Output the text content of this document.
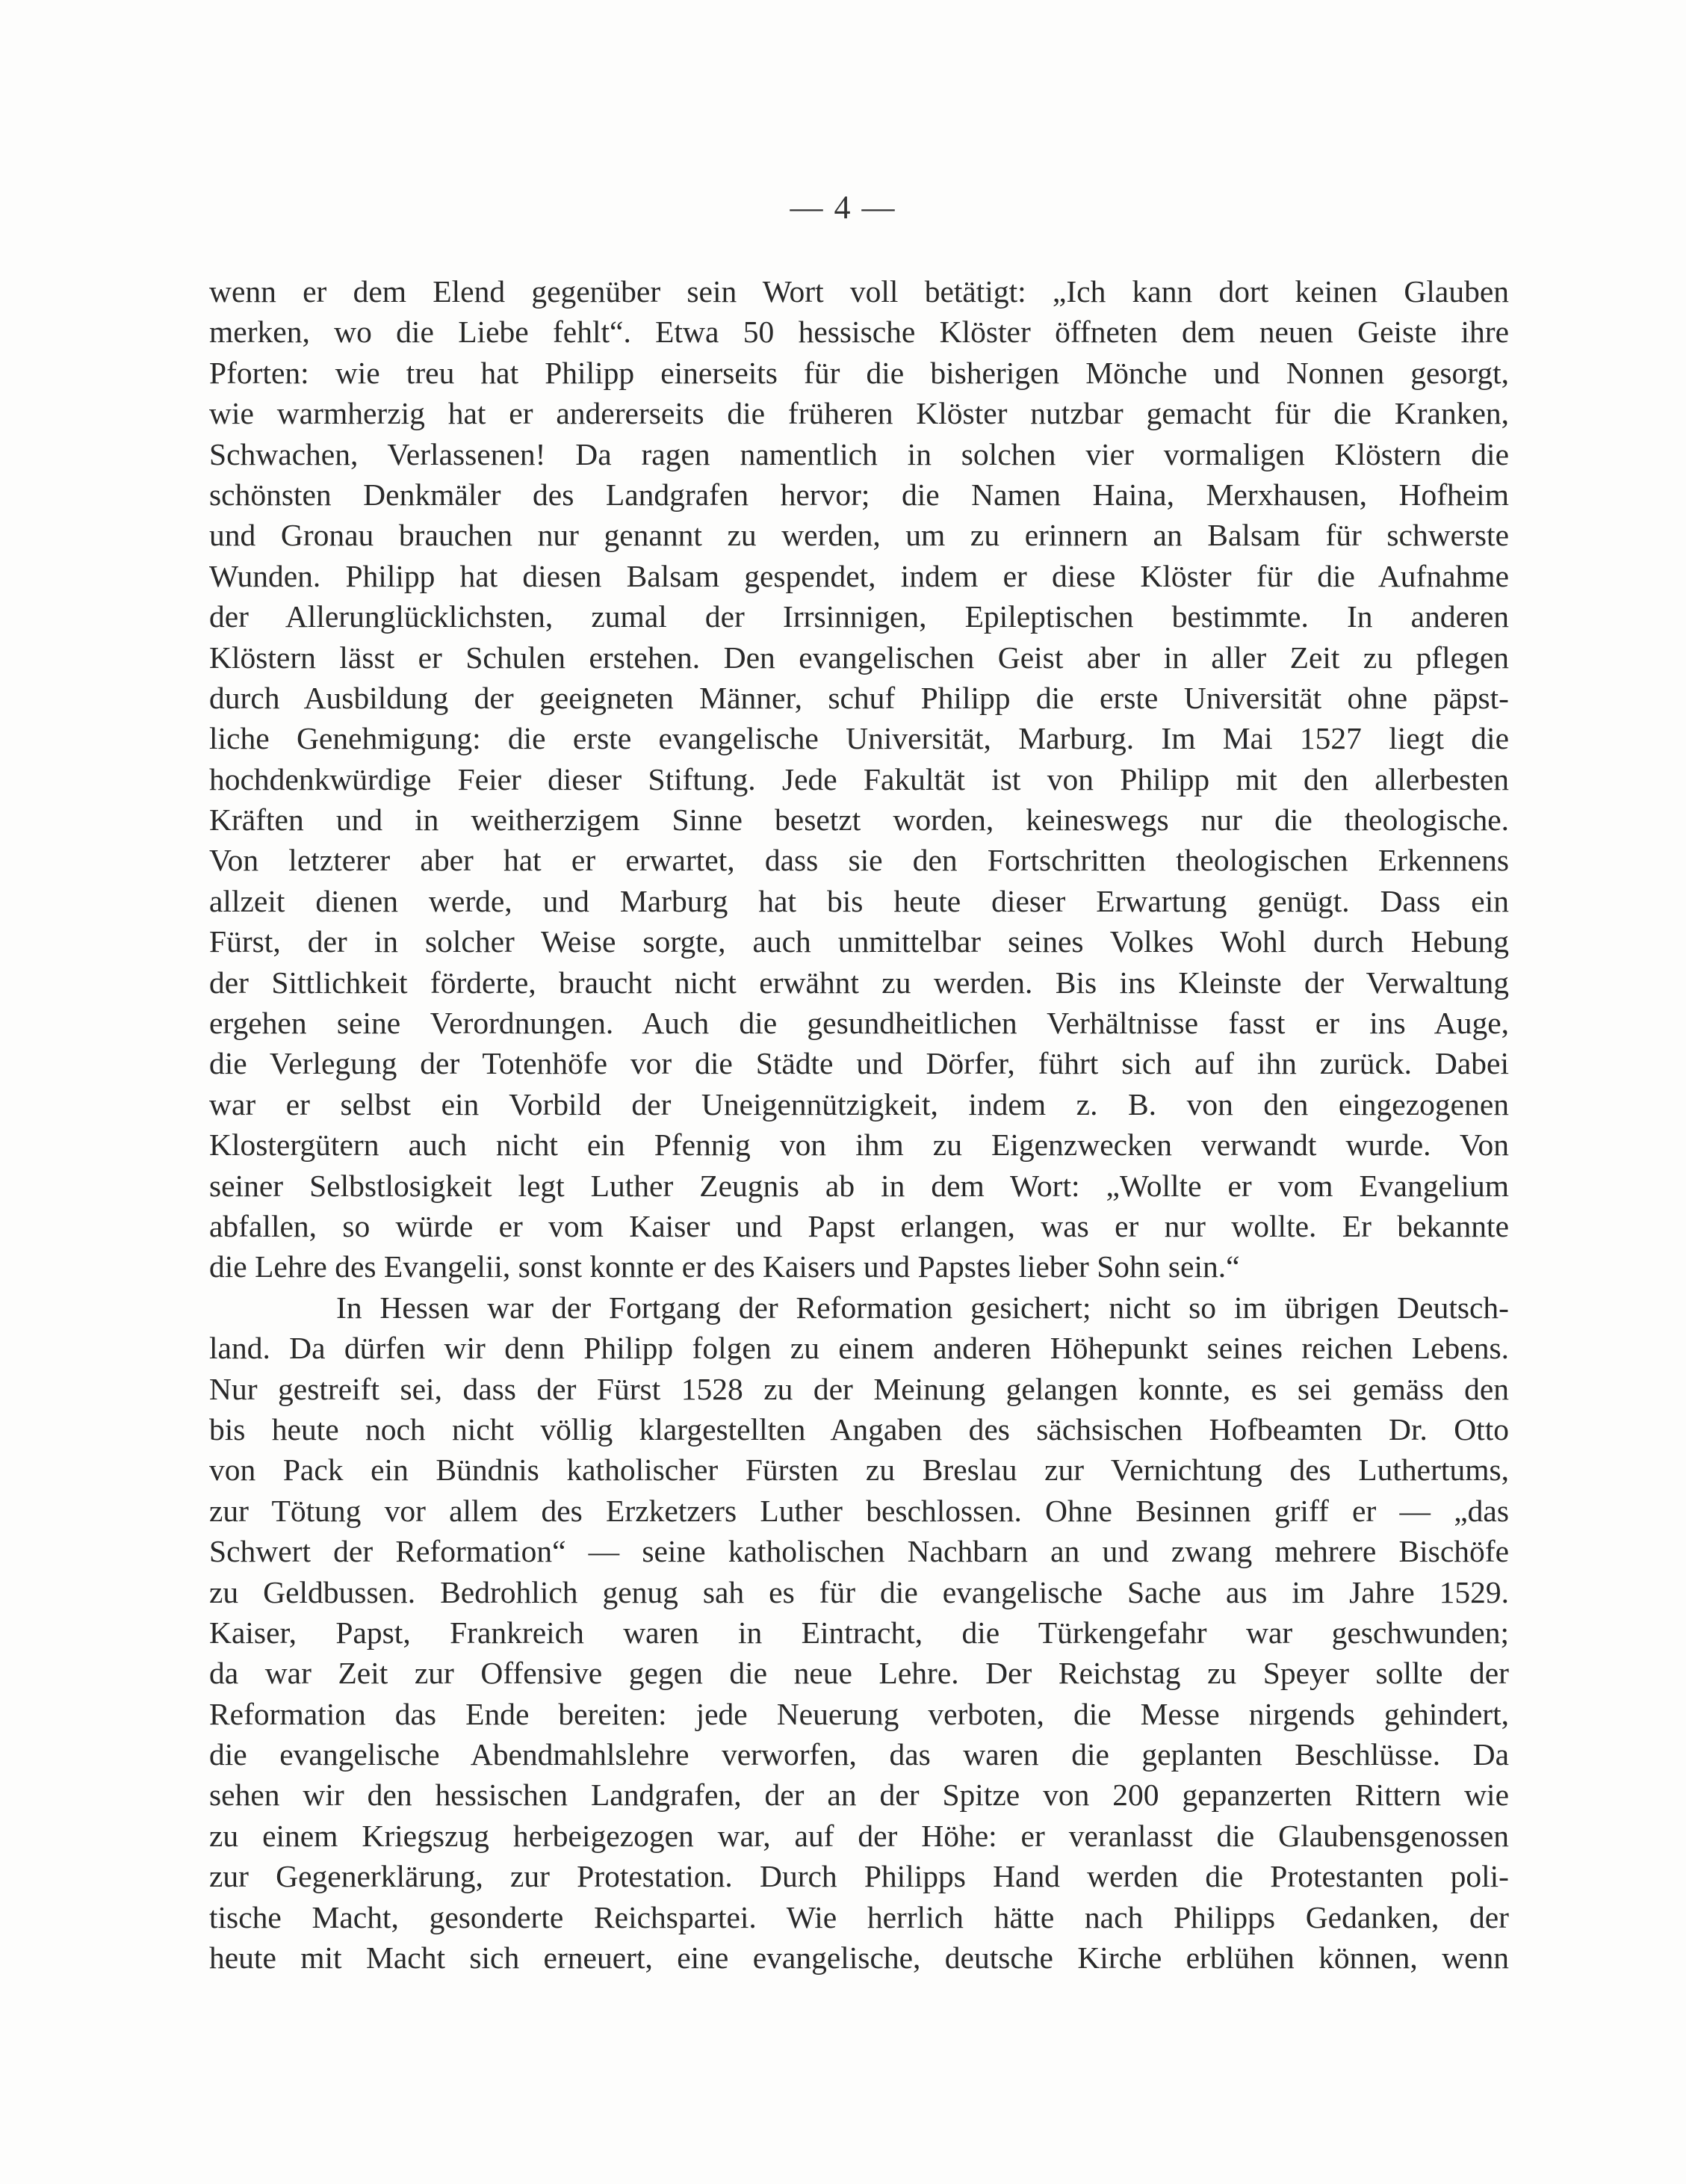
— 4 —
wenn er dem Elend gegenüber sein Wort voll betätigt: „Ich kann dort keinen Glauben
merken, wo die Liebe fehlt“. Etwa 50 hessische Klöster öffneten dem neuen Geiste ihre
Pforten: wie treu hat Philipp einerseits für die bisherigen Mönche und Nonnen gesorgt,
wie warmherzig hat er andererseits die früheren Klöster nutzbar gemacht für die Kranken,
Schwachen, Verlassenen! Da ragen namentlich in solchen vier vormaligen Klöstern die
schönsten Denkmäler des Landgrafen hervor; die Namen Haina, Merxhausen, Hofheim
und Gronau brauchen nur genannt zu werden, um zu erinnern an Balsam für schwerste
Wunden. Philipp hat diesen Balsam gespendet, indem er diese Klöster für die Aufnahme
der Allerunglücklichsten, zumal der Irrsinnigen, Epileptischen bestimmte. In anderen
Klöstern lässt er Schulen erstehen. Den evangelischen Geist aber in aller Zeit zu pflegen
durch Ausbildung der geeigneten Männer, schuf Philipp die erste Universität ohne päpst-
liche Genehmigung: die erste evangelische Universität, Marburg. Im Mai 1527 liegt die
hochdenkwürdige Feier dieser Stiftung. Jede Fakultät ist von Philipp mit den allerbesten
Kräften und in weitherzigem Sinne besetzt worden, keineswegs nur die theologische.
Von letzterer aber hat er erwartet, dass sie den Fortschritten theologischen Erkennens
allzeit dienen werde, und Marburg hat bis heute dieser Erwartung genügt. Dass ein
Fürst, der in solcher Weise sorgte, auch unmittelbar seines Volkes Wohl durch Hebung
der Sittlichkeit förderte, braucht nicht erwähnt zu werden. Bis ins Kleinste der Verwaltung
ergehen seine Verordnungen. Auch die gesundheitlichen Verhältnisse fasst er ins Auge,
die Verlegung der Totenhöfe vor die Städte und Dörfer, führt sich auf ihn zurück. Dabei
war er selbst ein Vorbild der Uneigennützigkeit, indem z. B. von den eingezogenen
Klostergütern auch nicht ein Pfennig von ihm zu Eigenzwecken verwandt wurde. Von
seiner Selbstlosigkeit legt Luther Zeugnis ab in dem Wort: „Wollte er vom Evangelium
abfallen, so würde er vom Kaiser und Papst erlangen, was er nur wollte. Er bekannte
die Lehre des Evangelii, sonst konnte er des Kaisers und Papstes lieber Sohn sein.“
In Hessen war der Fortgang der Reformation gesichert; nicht so im übrigen Deutsch-
land. Da dürfen wir denn Philipp folgen zu einem anderen Höhepunkt seines reichen Lebens.
Nur gestreift sei, dass der Fürst 1528 zu der Meinung gelangen konnte, es sei gemäss den
bis heute noch nicht völlig klargestellten Angaben des sächsischen Hofbeamten Dr. Otto
von Pack ein Bündnis katholischer Fürsten zu Breslau zur Vernichtung des Luthertums,
zur Tötung vor allem des Erzketzers Luther beschlossen. Ohne Besinnen griff er — „das
Schwert der Reformation“ — seine katholischen Nachbarn an und zwang mehrere Bischöfe
zu Geldbussen. Bedrohlich genug sah es für die evangelische Sache aus im Jahre 1529.
Kaiser, Papst, Frankreich waren in Eintracht, die Türkengefahr war geschwunden;
da war Zeit zur Offensive gegen die neue Lehre. Der Reichstag zu Speyer sollte der
Reformation das Ende bereiten: jede Neuerung verboten, die Messe nirgends gehindert,
die evangelische Abendmahlslehre verworfen, das waren die geplanten Beschlüsse. Da
sehen wir den hessischen Landgrafen, der an der Spitze von 200 gepanzerten Rittern wie
zu einem Kriegszug herbeigezogen war, auf der Höhe: er veranlasst die Glaubensgenossen
zur Gegenerklärung, zur Protestation. Durch Philipps Hand werden die Protestanten poli-
tische Macht, gesonderte Reichspartei. Wie herrlich hätte nach Philipps Gedanken, der
heute mit Macht sich erneuert, eine evangelische, deutsche Kirche erblühen können, wenn
